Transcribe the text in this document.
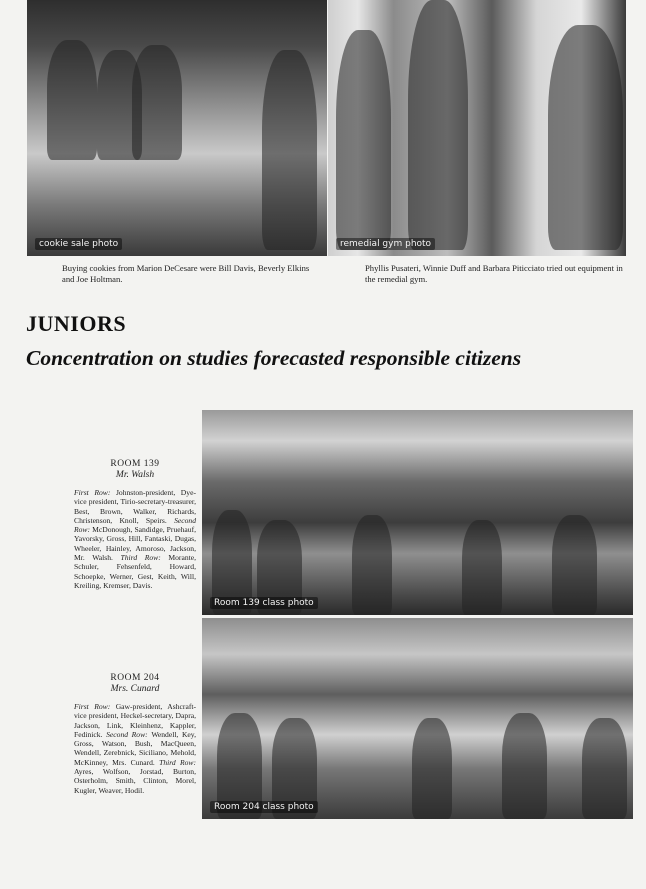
cookie sale photo	remedial gym photo
Buying cookies from Marion DeCesare were Bill Davis, Beverly Elkins and Joe Holtman.
Phyllis Pusateri, Winnie Duff and Barbara Piticciato tried out equipment in the remedial gym.
JUNIORS
Concentration on studies forecasted responsible citizens
ROOM 139
Mr. Walsh
First Row: Johnston-president, Dye-vice president, Tirio-secretary-treasurer, Best, Brown, Walker, Richards, Christenson, Knoll, Speirs. Second Row: McDonough, Sandidge, Pruehauf, Yavorsky, Gross, Hill, Fantaski, Dugas, Wheeler, Hainley, Amoroso, Jackson, Mr. Walsh. Third Row: Morante, Schuler, Fehsenfeld, Howard, Schoepke, Werner, Gest, Keith, Will, Kreiling, Kremser, Davis.
Room 139 class photo
ROOM 204
Mrs. Cunard
First Row: Gaw-president, Ashcraft-vice president, Heckel-secretary, Dapra, Jackson, Link, Kleinhenz, Kappler, Fedinick. Second Row: Wendell, Key, Gross, Watson, Bush, MacQueen, Wendell, Zerebnick, Siciliano, Mehold, McKinney, Mrs. Cunard. Third Row: Ayres, Wolfson, Jorstad, Burton, Osterholm, Smith, Clinton, Morel, Kugler, Weaver, Hodil.
Room 204 class photo
